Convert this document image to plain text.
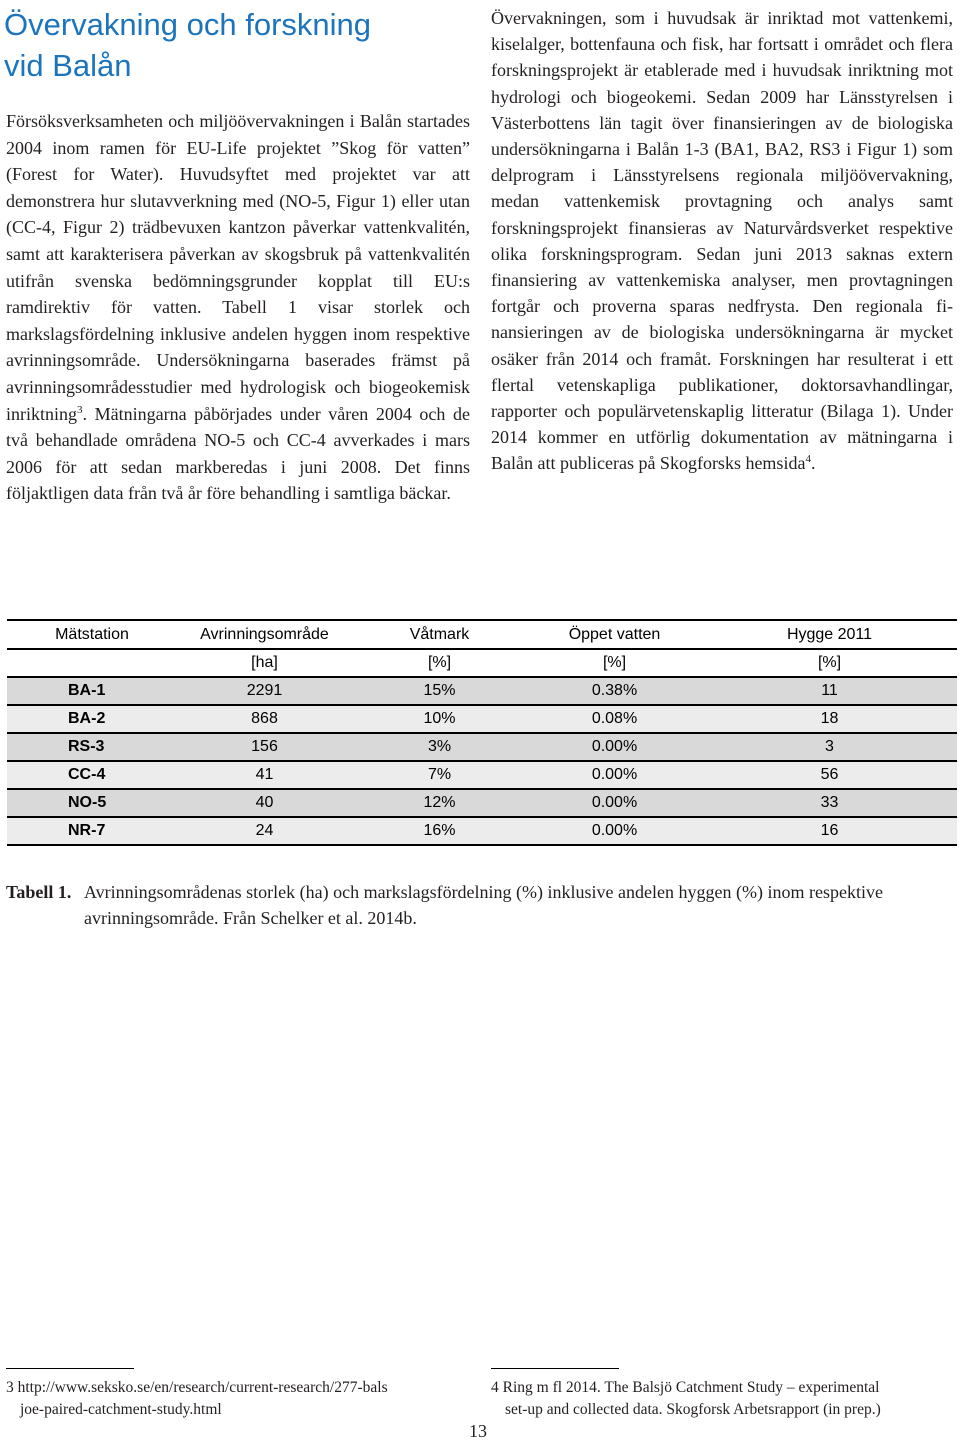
Övervakning och forskning
vid Balån

Försöksverksamheten och miljöövervakningen i Balån startades 2004 inom ramen för EU-Life projektet ”Skog för vatten” (Forest for Water). Huvudsyftet med projektet var att demonstrera hur slutavverkning med (NO-5, Figur 1) eller utan (CC-4, Figur 2) trädbevuxen kantzon påverkar vattenkvalitén, samt att karakterisera påverkan av skogsbruk på vattenkvalitén utifrån svenska bedömningsgrunder kopplat till EU:s ramdirektiv för vatten. Tabell 1 visar storlek och markslagsfördelning inklusive andelen hyggen inom respektive avrinningsområde. Undersökningarna baserades främst på avrinningsområdesstudier med hydrologisk och biogeokemisk inriktning$^3$. Mätningarna påbörjades under våren 2004 och de två behandlade områdena NO-5 och CC-4 avverkades i mars 2006 för att sedan markberedas i juni 2008. Det finns följaktligen data från två år före behandling i samtliga bäckar.

Övervakningen, som i huvudsak är inriktad mot vattenkemi, kiselalger, bottenfauna och fisk, har fortsatt i området och flera forskningsprojekt är etablerade med i huvudsak inriktning mot hydrologi och biogeokemi. Sedan 2009 har Länsstyrelsen i Västerbottens län tagit över finansieringen av de biologiska undersökningarna i Balån 1-3 (BA1, BA2, RS3 i Figur 1) som delprogram i Länsstyrelsens regionala miljöövervakning, medan vattenkemisk provtagning och analys samt forskningsprojekt finansieras av Naturvårdsverket respektive olika forskningsprogram. Sedan juni 2013 saknas extern finansiering av vattenkemiska analyser, men provtagningen fortgår och proverna sparas nedfrysta. Den regionala finansieringen av de biologiska undersökningarna är mycket osäker från 2014 och framåt. Forskningen har resulterat i ett flertal vetenskapliga publikationer, doktorsavhandlingar, rapporter och populärvetenskaplig litteratur (Bilaga 1). Under 2014 kommer en utförlig dokumentation av mätningarna i Balån att publiceras på Skogforsks hemsida$^4$.

Mätstation	Avrinningsområde	Våtmark	Öppet vatten	Hygge 2011
	[ha]	[%]	[%]	[%]
BA-1	2291	15%	0.38%	11
BA-2	868	10%	0.08%	18
RS-3	156	3%	0.00%	3
CC-4	41	7%	0.00%	56
NO-5	40	12%	0.00%	33
NR-7	24	16%	0.00%	16
Tabell 1. Avrinningsområdenas storlek (ha) och markslagsfördelning (%) inklusive andelen hyggen (%) inom respektive avrinningsområde. Från Schelker et al. 2014b.
3 http://www.seksko.se/en/research/current-research/277-bals
joe-paired-catchment-study.html
4 Ring m fl 2014. The Balsjö Catchment Study – experimental
set-up and collected data. Skogforsk Arbetsrapport (in prep.)
13
